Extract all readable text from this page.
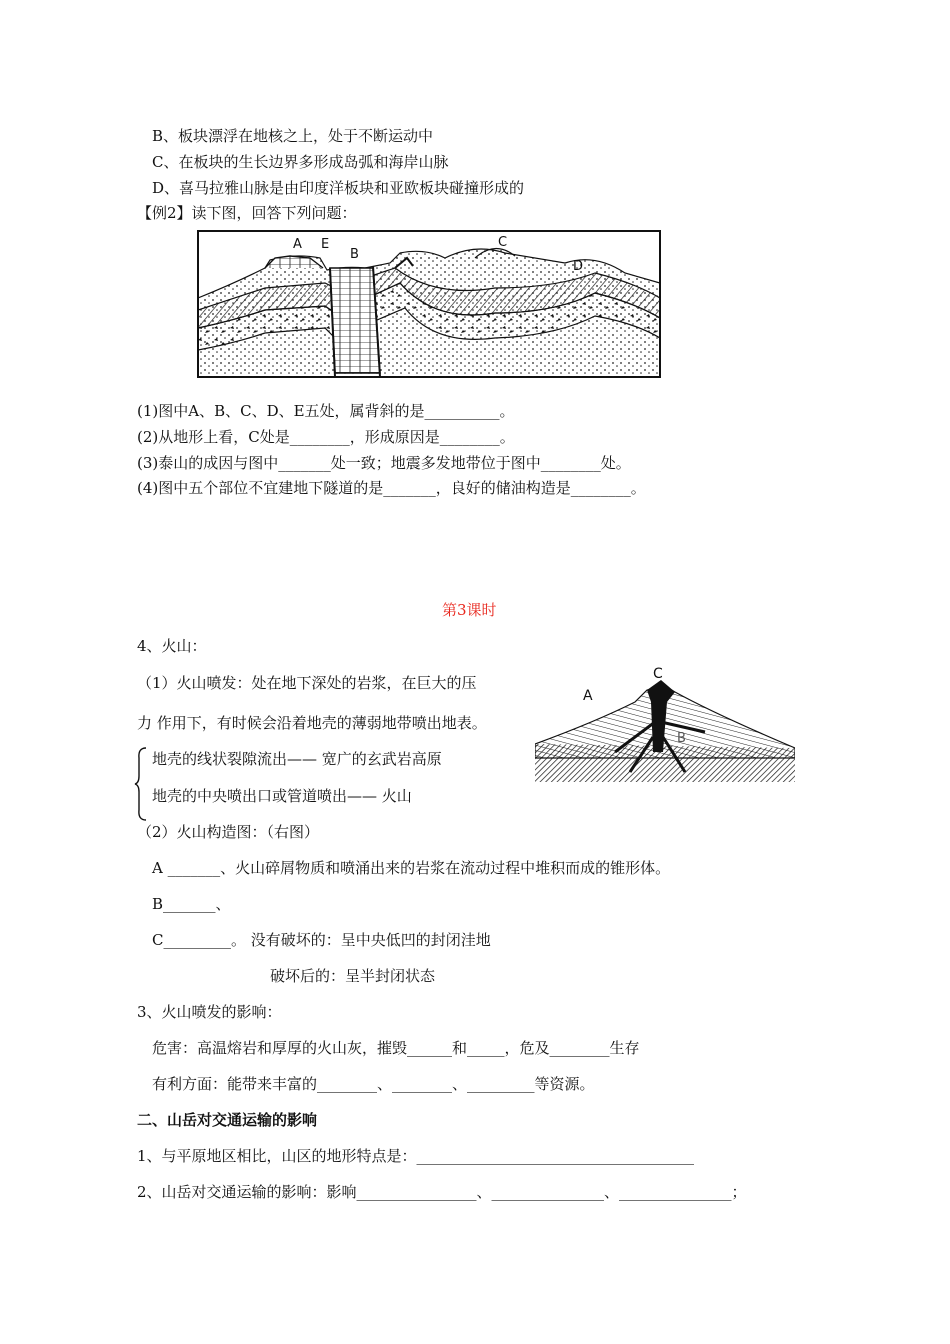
B、板块漂浮在地核之上，处于不断运动中
C、在板块的生长边界多形成岛弧和海岸山脉
D、喜马拉雅山脉是由印度洋板块和亚欧板块碰撞形成的
【例2】读下图，回答下列问题：
A E
B
C
D
(1)图中A、B、C、D、E五处，属背斜的是__________。
(2)从地形上看，C处是________，形成原因是________。
(3)泰山的成因与图中_______处一致；地震多发地带位于图中________处。
(4)图中五个部位不宜建地下隧道的是_______，良好的储油构造是________。
第3课时
4、火山：
（1）火山喷发：处在地下深处的岩浆，在巨大的压
力 作用下，有时候会沿着地壳的薄弱地带喷出地表。
地壳的线状裂隙流出—— 宽广的玄武岩高原
地壳的中央喷出口或管道喷出—— 火山
C
A
B
（2）火山构造图：（右图）
A _______、火山碎屑物质和喷涌出来的岩浆在流动过程中堆积而成的锥形体。
B_______、
C_________。 没有破坏的：呈中央低凹的封闭洼地
破坏后的：呈半封闭状态
3、火山喷发的影响：
危害：高温熔岩和厚厚的火山灰，摧毁______和_____，危及________生存
有利方面：能带来丰富的________、________、_________等资源。
二、山岳对交通运输的影响
1、与平原地区相比，山区的地形特点是：_____________________________________
2、山岳对交通运输的影响：影响________________、_______________、_______________；
